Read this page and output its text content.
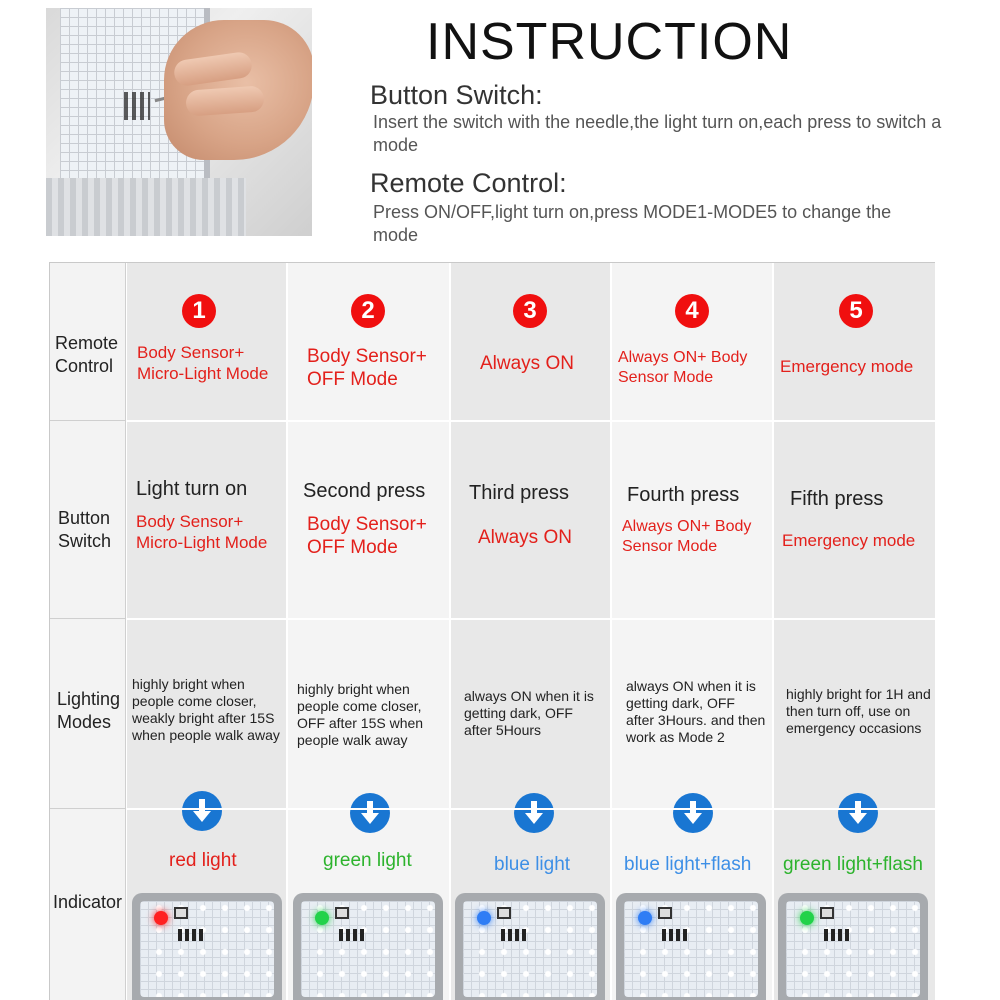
INSTRUCTION
Button Switch:
Insert the switch with the needle,the light turn on,each press to switch a mode
Remote Control:
Press ON/OFF,light turn on,press MODE1-MODE5 to change the mode
Remote Control
Button Switch
Lighting Modes
Indicator
1
Body Sensor+ Micro-Light Mode
Light turn on
Body Sensor+ Micro-Light Mode
highly bright when people come closer, weakly bright after 15S when people walk away
red light
2
Body Sensor+ OFF Mode
Second press
Body Sensor+ OFF Mode
highly bright when people come closer, OFF after 15S when people walk away
green light
3
Always ON
Third press
Always ON
always ON when it is getting dark, OFF after 5Hours
blue light
4
Always ON+ Body Sensor Mode
Fourth press
Always ON+ Body Sensor Mode
always ON when it is getting dark, OFF after 3Hours. and then work as Mode 2
blue light+flash
5
Emergency mode
Fifth press
Emergency mode
highly bright for 1H and then turn off, use on emergency occasions
green light+flash
